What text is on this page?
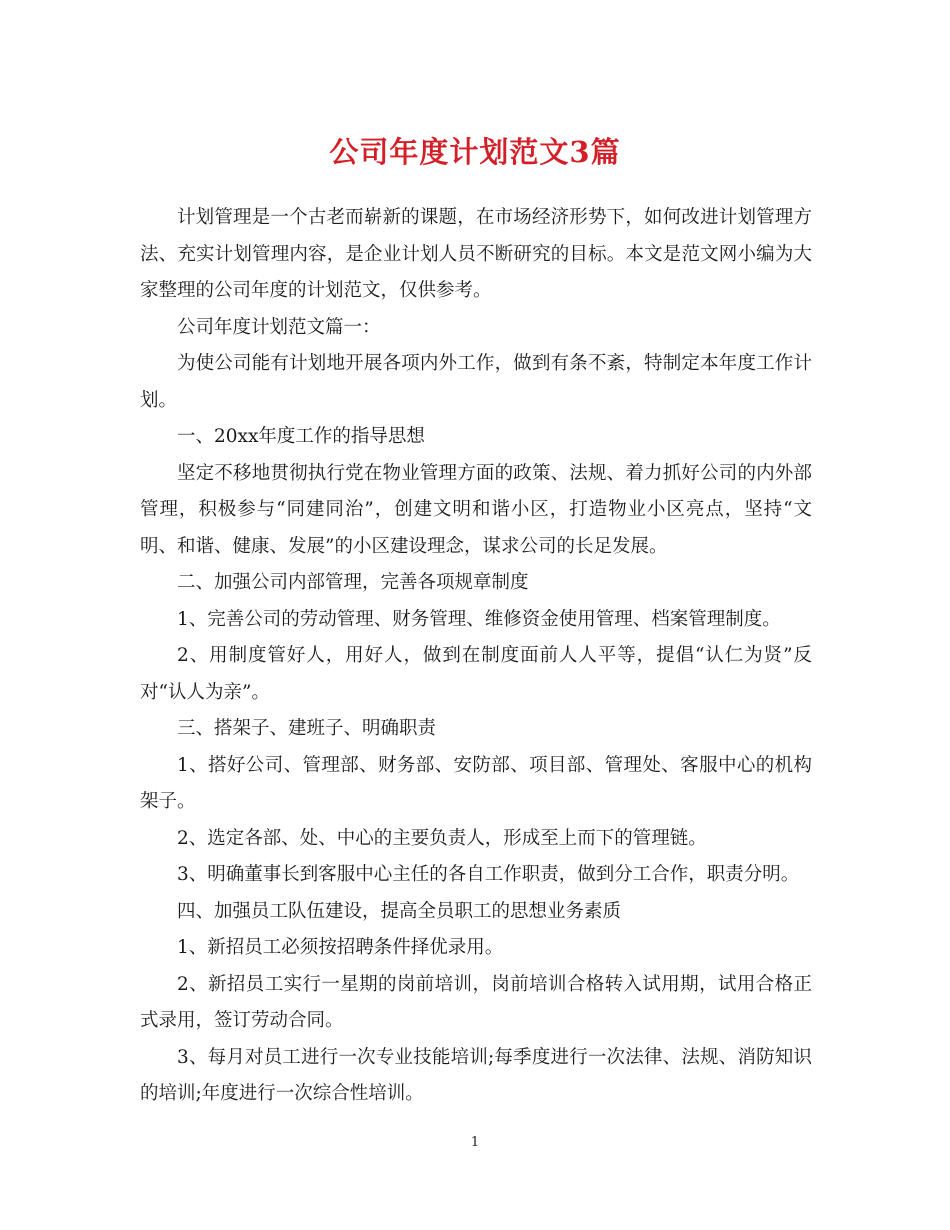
公司年度计划范文3篇

计划管理是一个古老而崭新的课题，在市场经济形势下，如何改进计划管理方法、充实计划管理内容，是企业计划人员不断研究的目标。本文是范文网小编为大家整理的公司年度的计划范文，仅供参考。

公司年度计划范文篇一：

为使公司能有计划地开展各项内外工作，做到有条不紊，特制定本年度工作计划。

一、20xx年度工作的指导思想

坚定不移地贯彻执行党在物业管理方面的政策、法规、着力抓好公司的内外部管理，积极参与“同建同治”，创建文明和谐小区，打造物业小区亮点，坚持“文明、和谐、健康、发展”的小区建设理念，谋求公司的长足发展。

二、加强公司内部管理，完善各项规章制度

1、完善公司的劳动管理、财务管理、维修资金使用管理、档案管理制度。

2、用制度管好人，用好人，做到在制度面前人人平等，提倡“认仁为贤”反对“认人为亲”。

三、搭架子、建班子、明确职责

1、搭好公司、管理部、财务部、安防部、项目部、管理处、客服中心的机构架子。

2、选定各部、处、中心的主要负责人，形成至上而下的管理链。

3、明确董事长到客服中心主任的各自工作职责，做到分工合作，职责分明。

四、加强员工队伍建设，提高全员职工的思想业务素质

1、新招员工必须按招聘条件择优录用。

2、新招员工实行一星期的岗前培训，岗前培训合格转入试用期，试用合格正式录用，签订劳动合同。

3、每月对员工进行一次专业技能培训;每季度进行一次法律、法规、消防知识的培训;年度进行一次综合性培训。

1
